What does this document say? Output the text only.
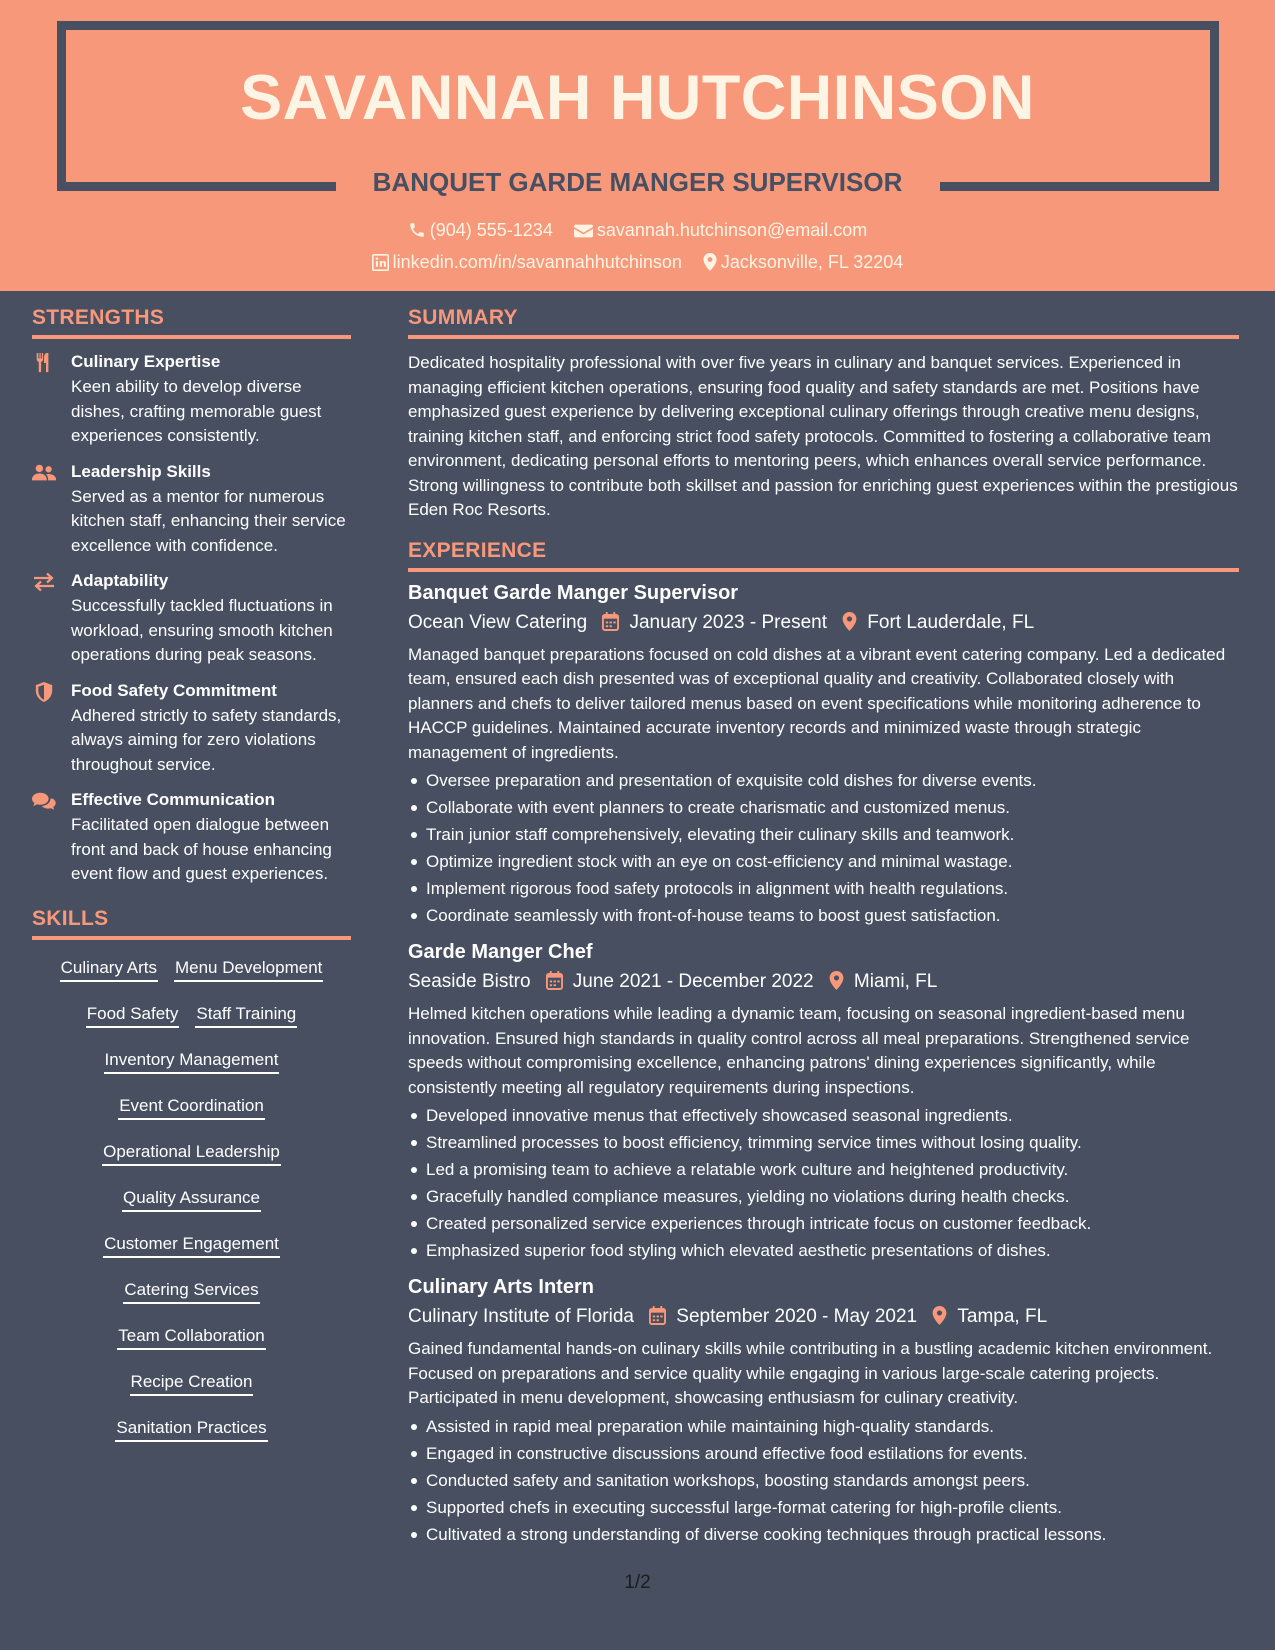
SAVANNAH HUTCHINSON
BANQUET GARDE MANGER SUPERVISOR
(904) 555-1234 savannah.hutchinson@email.com
linkedin.com/in/savannahhutchinson Jacksonville, FL 32204
STRENGTHS
Culinary Expertise
Keen ability to develop diverse dishes, crafting memorable guest experiences consistently.
Leadership Skills
Served as a mentor for numerous kitchen staff, enhancing their service excellence with confidence.
Adaptability
Successfully tackled fluctuations in workload, ensuring smooth kitchen operations during peak seasons.
Food Safety Commitment
Adhered strictly to safety standards, always aiming for zero violations throughout service.
Effective Communication
Facilitated open dialogue between front and back of house enhancing event flow and guest experiences.
SKILLS
Culinary Arts Menu Development
Food Safety Staff Training
Inventory Management
Event Coordination
Operational Leadership
Quality Assurance
Customer Engagement
Catering Services
Team Collaboration
Recipe Creation
Sanitation Practices
SUMMARY
Dedicated hospitality professional with over five years in culinary and banquet services. Experienced in managing efficient kitchen operations, ensuring food quality and safety standards are met. Positions have emphasized guest experience by delivering exceptional culinary offerings through creative menu designs, training kitchen staff, and enforcing strict food safety protocols. Committed to fostering a collaborative team environment, dedicating personal efforts to mentoring peers, which enhances overall service performance. Strong willingness to contribute both skillset and passion for enriching guest experiences within the prestigious Eden Roc Resorts.
EXPERIENCE
Banquet Garde Manger Supervisor
Ocean View Catering January 2023 - Present Fort Lauderdale, FL
Managed banquet preparations focused on cold dishes at a vibrant event catering company. Led a dedicated team, ensured each dish presented was of exceptional quality and creativity. Collaborated closely with planners and chefs to deliver tailored menus based on event specifications while monitoring adherence to HACCP guidelines. Maintained accurate inventory records and minimized waste through strategic management of ingredients.
Oversee preparation and presentation of exquisite cold dishes for diverse events.
Collaborate with event planners to create charismatic and customized menus.
Train junior staff comprehensively, elevating their culinary skills and teamwork.
Optimize ingredient stock with an eye on cost-efficiency and minimal wastage.
Implement rigorous food safety protocols in alignment with health regulations.
Coordinate seamlessly with front-of-house teams to boost guest satisfaction.
Garde Manger Chef
Seaside Bistro June 2021 - December 2022 Miami, FL
Helmed kitchen operations while leading a dynamic team, focusing on seasonal ingredient-based menu innovation. Ensured high standards in quality control across all meal preparations. Strengthened service speeds without compromising excellence, enhancing patrons' dining experiences significantly, while consistently meeting all regulatory requirements during inspections.
Developed innovative menus that effectively showcased seasonal ingredients.
Streamlined processes to boost efficiency, trimming service times without losing quality.
Led a promising team to achieve a relatable work culture and heightened productivity.
Gracefully handled compliance measures, yielding no violations during health checks.
Created personalized service experiences through intricate focus on customer feedback.
Emphasized superior food styling which elevated aesthetic presentations of dishes.
Culinary Arts Intern
Culinary Institute of Florida September 2020 - May 2021 Tampa, FL
Gained fundamental hands-on culinary skills while contributing in a bustling academic kitchen environment. Focused on preparations and service quality while engaging in various large-scale catering projects. Participated in menu development, showcasing enthusiasm for culinary creativity.
Assisted in rapid meal preparation while maintaining high-quality standards.
Engaged in constructive discussions around effective food estilations for events.
Conducted safety and sanitation workshops, boosting standards amongst peers.
Supported chefs in executing successful large-format catering for high-profile clients.
Cultivated a strong understanding of diverse cooking techniques through practical lessons.
1/2
